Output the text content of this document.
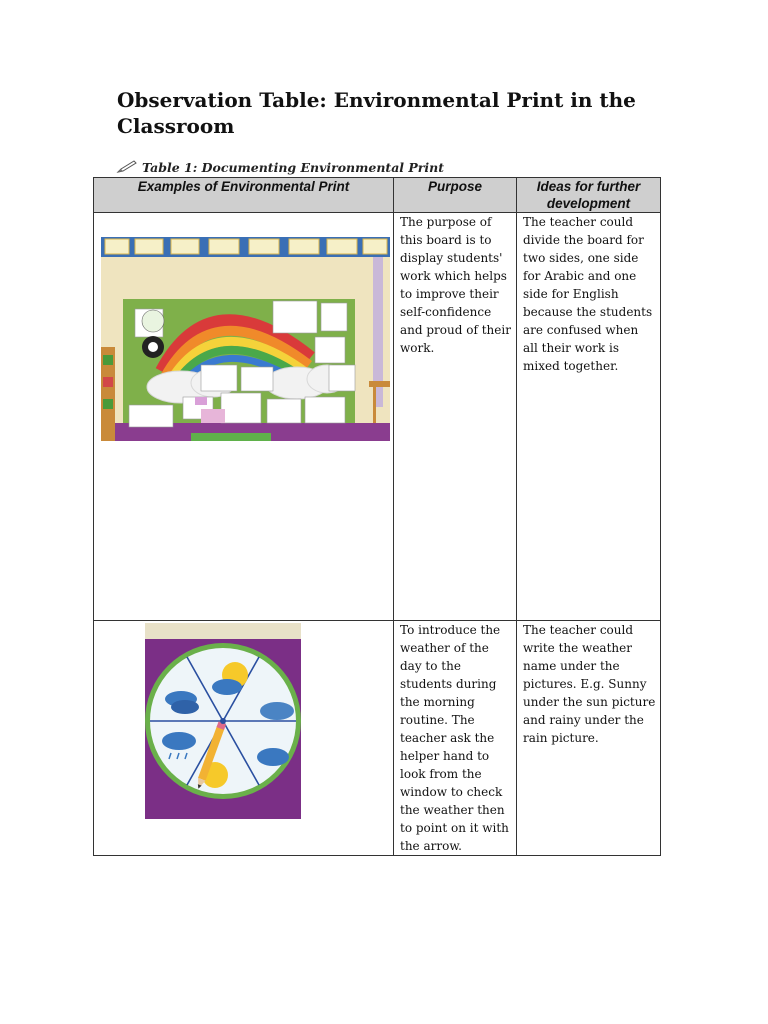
Observation Table: Environmental Print in the Classroom
Table 1: Documenting Environmental Print
Examples of Environmental Print	Purpose	Ideas for further development

	The purpose of this board is to display students' work which helps to improve their self-confidence and proud of their work.	The teacher could divide the board for two sides, one side for Arabic and one side for English because the students are confused when all their work is mixed together.

	To introduce the weather of the day to the students during the morning routine. The teacher ask the helper hand to look from the window to check the weather then to point on it with the arrow.	The teacher could write the weather name under the pictures. E.g. Sunny under the sun picture and rainy under the rain picture.
